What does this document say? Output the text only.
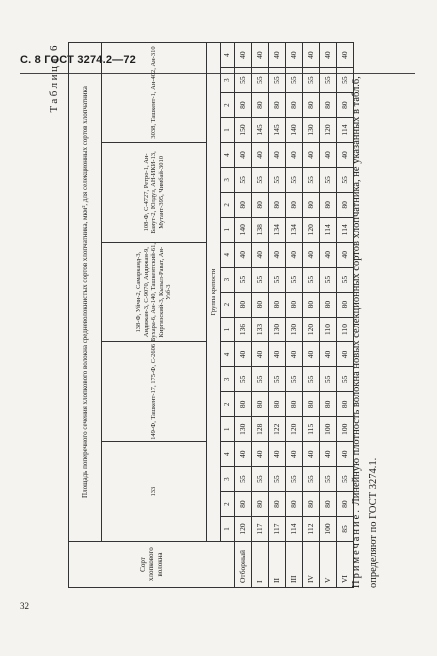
С. 8 ГОСТ 3274.2—72
32
Таблица 6
Сорт хлопкового волокна	Площадь поперечного сечения хлопкового волокна средневолокнистых сортов хлопчатника, мкм², для селекционных сортов хлопчатника																			
	133				149-Ф, Ташкент-17, 175-Ф, С-2606				138-Ф, Уйчи-2, Самарканд-3, Андижан-3, С-9070, Андижан-9, Бухара-6, Ан-140, Ташкентский-61, Киргизский-3, Кызыл-Рават, Ан-Узб-3				108-Ф, С-4727, Ретро-1, Ан-Баяут-2, Юлдуз, АН-ИКИ-13, Мутант-395, Чимбай-3010				3038, Ташкент-1, Ан-402, Ан-310			
	Группа крепости																			
	1	2	3	4	1	2	3	4	1	2	3	4	1	2	3	4	1	2	3	4
Отборный	120	80	55	40	130	80	55	40	136	80	55	40	140	80	55	40	150	80	55	40
I	117	80	55	40	128	80	55	40	133	80	55	40	138	80	55	40	145	80	55	40
II	117	80	55	40	122	80	55	40	130	80	55	40	134	80	55	40	145	80	55	40
III	114	80	55	40	120	80	55	40	130	80	55	40	134	80	55	40	140	80	55	40
IV	112	80	55	40	115	80	55	40	120	80	55	40	120	80	55	40	130	80	55	40
V	100	80	55	40	100	80	55	40	110	80	55	40	114	80	55	40	120	80	55	40
VI	85	80	55	40	100	80	55	40	110	80	55	40	114	80	55	40	114	80	55	40
Примечание. Линейную плотность волокна новых селекционных сортов хлопчатника, не указанных в табл.6, определяют по ГОСТ 3274.1.
